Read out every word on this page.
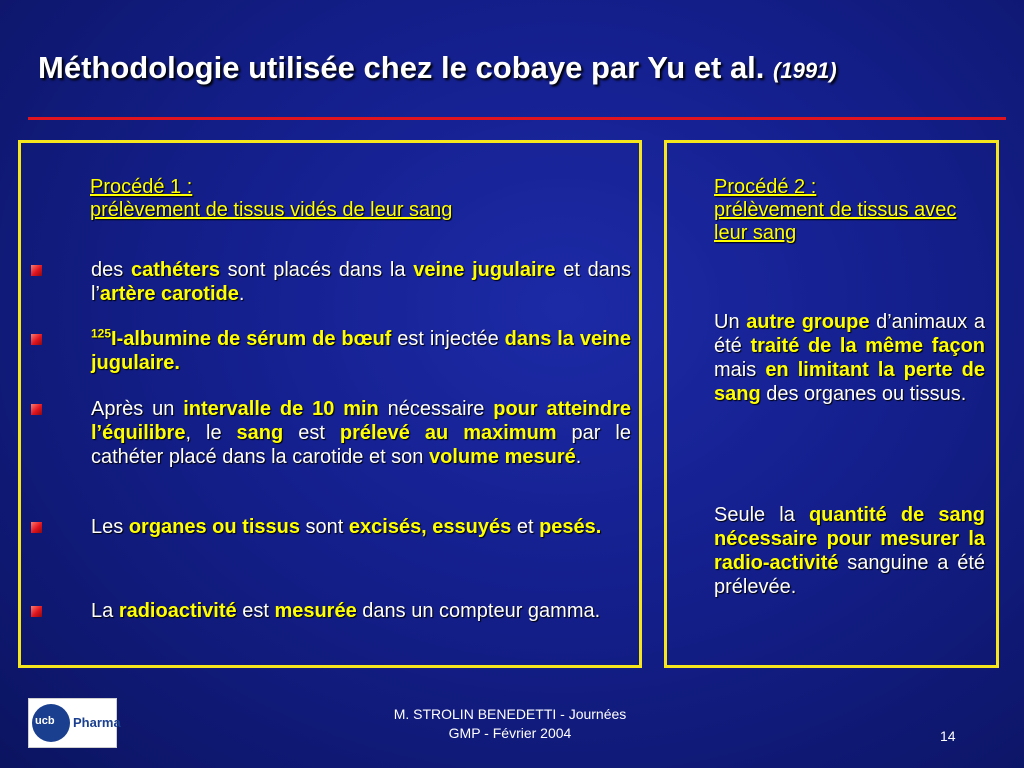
Méthodologie utilisée chez le cobaye par Yu et al. (1991)
Procédé 1 :
prélèvement de tissus vidés de leur sang
des cathéters sont placés dans la veine jugulaire et dans l’artère carotide.
$^{125}$I-albumine de sérum de bœuf est injectée dans la veine jugulaire.
Après un intervalle de 10 min nécessaire pour atteindre l’équilibre, le sang est prélevé au maximum par le cathéter placé dans la carotide et son volume mesuré.
Les organes ou tissus sont excisés, essuyés et pesés.
La radioactivité est mesurée dans un compteur gamma.
Procédé 2 :
prélèvement de tissus avec leur sang
Un autre groupe d’animaux a été traité de la même façon mais en limitant la perte de sang des organes ou tissus.
Seule la quantité de sang nécessaire pour mesurer la radio-activité sanguine a été prélevée.
ucb Pharma
M. STROLIN BENEDETTI - Journées
GMP - Février 2004	14
